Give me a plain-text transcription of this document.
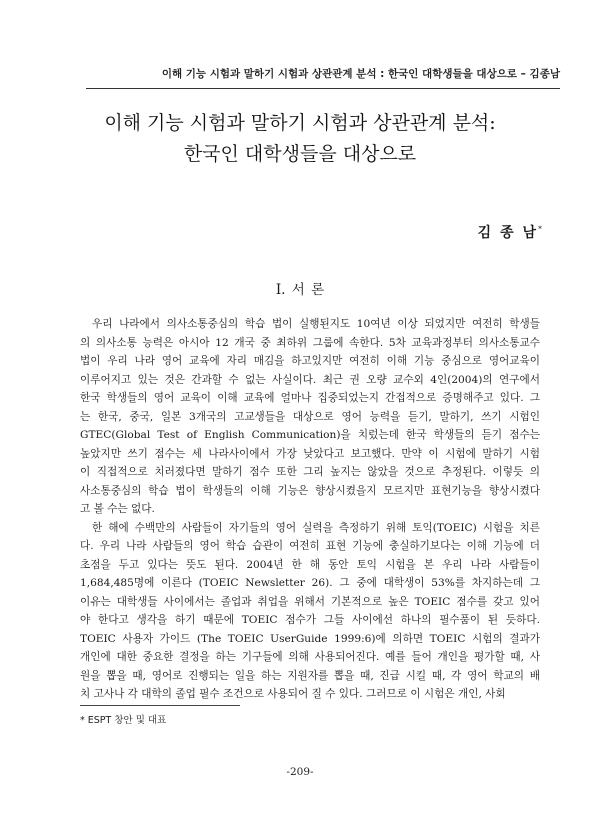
이해 기능 시험과 말하기 시험과 상관관계 분석 : 한국인 대학생들을 대상으로 – 김종남
이해 기능 시험과 말하기 시험과 상관관계 분석:
한국인 대학생들을 대상으로
김 종 남*
I. 서 론
우리 나라에서 의사소통중심의 학습 법이 실행된지도 10여년 이상 되었지만 여전히 학생들
의 의사소통 능력은 아시아 12 개국 중 최하위 그룹에 속한다. 5차 교육과정부터 의사소통교수
법이 우리 나라 영어 교육에 자리 매김을 하고있지만 여전히 이해 기능 중심으로 영어교육이
이루어지고 있는 것은 간과할 수 없는 사실이다. 최근 권 오량 교수외 4인(2004)의 연구에서
한국 학생들의 영어 교육이 이해 교육에 얼마나 집중되었는지 간접적으로 증명해주고 있다. 그
는 한국, 중국, 일본 3개국의 고교생들을 대상으로 영어 능력을 듣기, 말하기, 쓰기 시험인
GTEC(Global Test of English Communication)을 치렀는데 한국 학생들의 듣기 점수는
높았지만 쓰기 점수는 세 나라사이에서 가장 낮았다고 보고했다. 만약 이 시험에 말하기 시험
이 직접적으로 치러졌다면 말하기 점수 또한 그리 높지는 않았을 것으로 추정된다. 이렇듯 의
사소통중심의 학습 법이 학생들의 이해 기능은 향상시켰을지 모르지만 표현기능을 향상시켰다
고 볼 수는 없다.
한 해에 수백만의 사람들이 자기들의 영어 실력을 측정하기 위해 토익(TOEIC) 시험을 치른
다. 우리 나라 사람들의 영어 학습 습관이 여전히 표현 기능에 충실하기보다는 이해 기능에 더
초점을 두고 있다는 뜻도 된다. 2004년 한 해 동안 토익 시험을 본 우리 나라 사람들이
1,684,485명에 이른다 (TOEIC Newsletter 26). 그 중에 대학생이 53%를 차지하는데 그
이유는 대학생들 사이에서는 졸업과 취업을 위해서 기본적으로 높은 TOEIC 점수를 갖고 있어
야 한다고 생각을 하기 때문에 TOEIC 점수가 그들 사이에선 하나의 필수품이 된 듯하다.
TOEIC 사용자 가이드 (The TOEIC UserGuide 1999:6)에 의하면 TOEIC 시험의 결과가
개인에 대한 중요한 결정을 하는 기구들에 의해 사용되어진다. 예를 들어 개인을 평가할 때, 사
원을 뽑을 때, 영어로 진행되는 일을 하는 지원자를 뽑을 때, 진급 시킬 때, 각 영어 학교의 배
치 고사나 각 대학의 졸업 필수 조건으로 사용되어 질 수 있다. 그러므로 이 시험은 개인, 사회
* ESPT 창안 및 대표
-209-
